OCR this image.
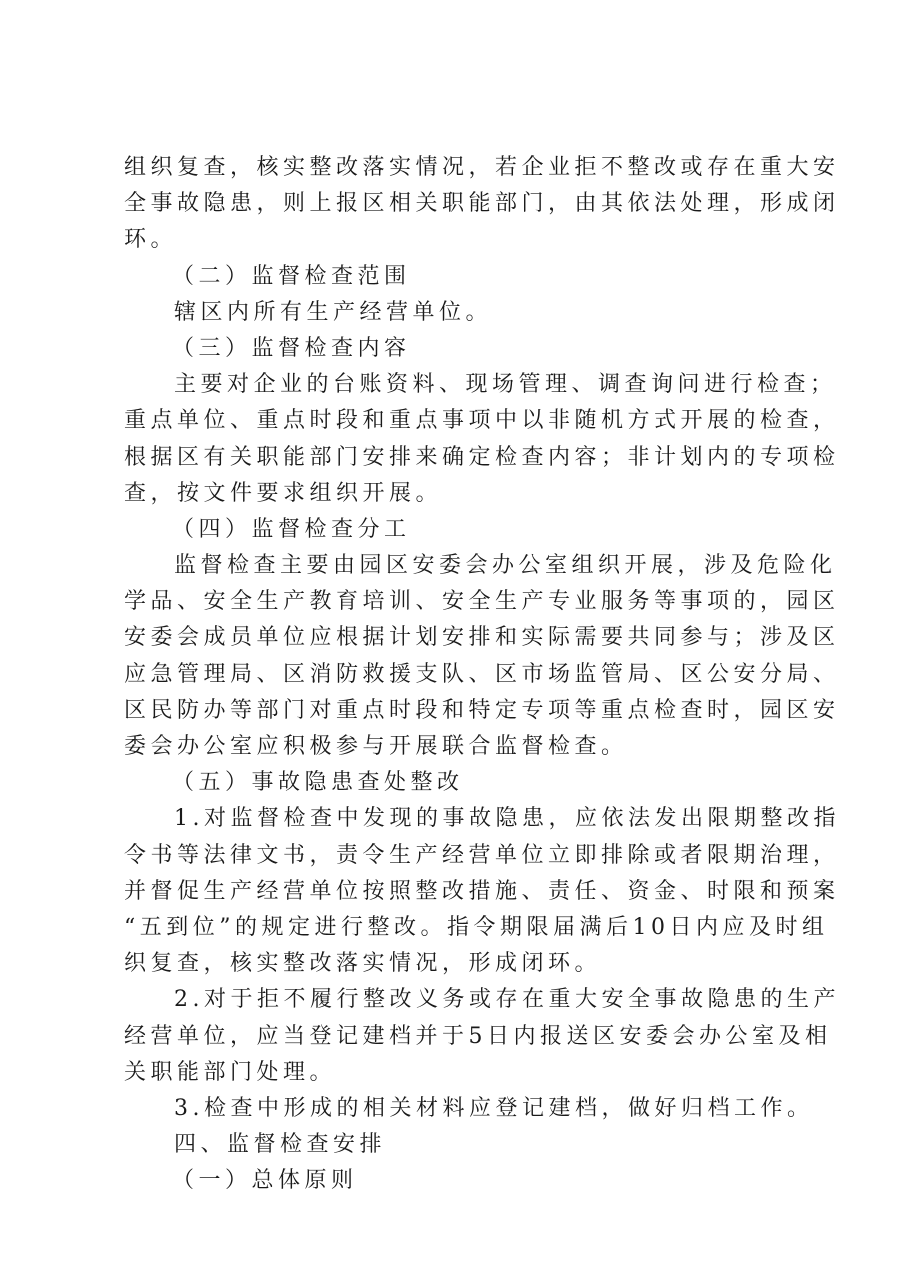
组织复查，核实整改落实情况，若企业拒不整改或存在重大安
全事故隐患，则上报区相关职能部门，由其依法处理，形成闭
环。
（二）监督检查范围
辖区内所有生产经营单位。
（三）监督检查内容
主要对企业的台账资料、现场管理、调查询问进行检查；
重点单位、重点时段和重点事项中以非随机方式开展的检查，
根据区有关职能部门安排来确定检查内容；非计划内的专项检
查，按文件要求组织开展。
（四）监督检查分工
监督检查主要由园区安委会办公室组织开展，涉及危险化
学品、安全生产教育培训、安全生产专业服务等事项的，园区
安委会成员单位应根据计划安排和实际需要共同参与；涉及区
应急管理局、区消防救援支队、区市场监管局、区公安分局、
区民防办等部门对重点时段和特定专项等重点检查时，园区安
委会办公室应积极参与开展联合监督检查。
（五）事故隐患查处整改
1.对监督检查中发现的事故隐患，应依法发出限期整改指
令书等法律文书，责令生产经营单位立即排除或者限期治理，
并督促生产经营单位按照整改措施、责任、资金、时限和预案
“五到位”的规定进行整改。指令期限届满后10日内应及时组
织复查，核实整改落实情况，形成闭环。
2.对于拒不履行整改义务或存在重大安全事故隐患的生产
经营单位，应当登记建档并于5日内报送区安委会办公室及相
关职能部门处理。
3.检查中形成的相关材料应登记建档，做好归档工作。
四、监督检查安排
（一）总体原则
